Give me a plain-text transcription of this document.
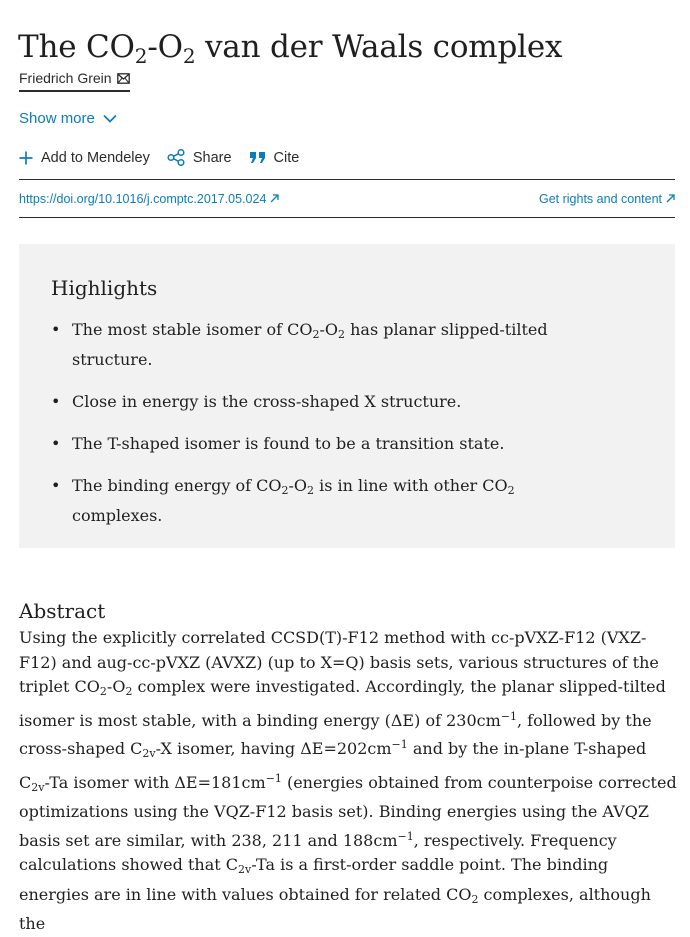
The $CO_2-O_2$ van der Waals complex
Friedrich Grein
Show more
Add to Mendeley	Share	Cite
https://doi.org/10.1016/j.comptc.2017.05.024	Get rights and content
Highlights
• The most stable isomer of $CO_2-O_2$ has planar slipped-tilted structure.
• Close in energy is the cross-shaped X structure.
• The T-shaped isomer is found to be a transition state.
• The binding energy of $CO_2-O_2$ is in line with other $CO_2$ complexes.
Abstract

Using the explicitly correlated CCSD(T)-F12 method with cc-pVXZ-F12 (VXZ-F12) and aug-cc-pVXZ (AVXZ) (up to X=Q) basis sets, various structures of the triplet $CO_2-O_2$ complex were investigated. Accordingly, the planar slipped-tilted isomer is most stable, with a binding energy (ΔE) of $230cm^{-1}$, followed by the cross-shaped $C_{2v}-X$ isomer, having $\Delta E=202cm^{-1}$ and by the in-plane T-shaped $C_{2v}-Ta$ isomer with $\Delta E=181cm^{-1}$ (energies obtained from counterpoise corrected optimizations using the VQZ-F12 basis set). Binding energies using the AVQZ basis set are similar, with 238, 211 and $188cm^{-1}$, respectively. Frequency calculations showed that $C_{2v}-Ta$ is a first-order saddle point. The binding energies are in line with values obtained for related $CO_2$ complexes, although the
